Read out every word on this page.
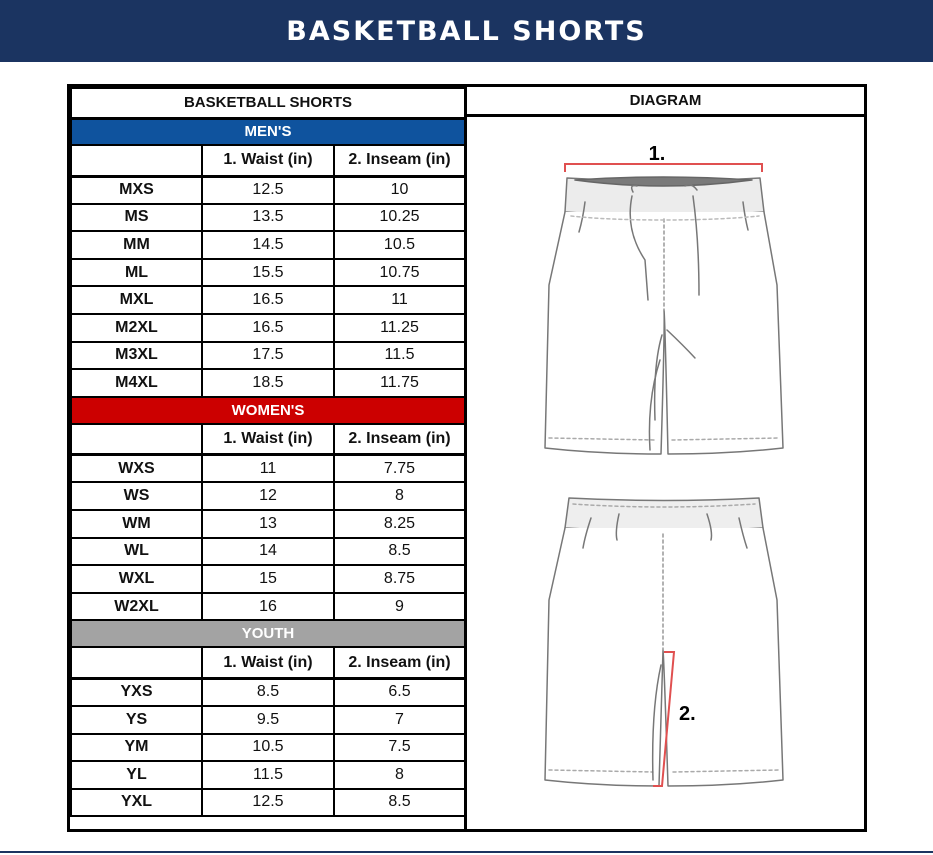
BASKETBALL SHORTS
BASKETBALL SHORTS		
MEN'S		
	1. Waist (in)	2. Inseam (in)
MXS	12.5	10
MS	13.5	10.25
MM	14.5	10.5
ML	15.5	10.75
MXL	16.5	11
M2XL	16.5	11.25
M3XL	17.5	11.5
M4XL	18.5	11.75
WOMEN'S		
	1. Waist (in)	2. Inseam (in)
WXS	11	7.75
WS	12	8
WM	13	8.25
WL	14	8.5
WXL	15	8.75
W2XL	16	9
YOUTH		
	1. Waist (in)	2. Inseam (in)
YXS	8.5	6.5
YS	9.5	7
YM	10.5	7.5
YL	11.5	8
YXL	12.5	8.5
DIAGRAM
1.
2.
